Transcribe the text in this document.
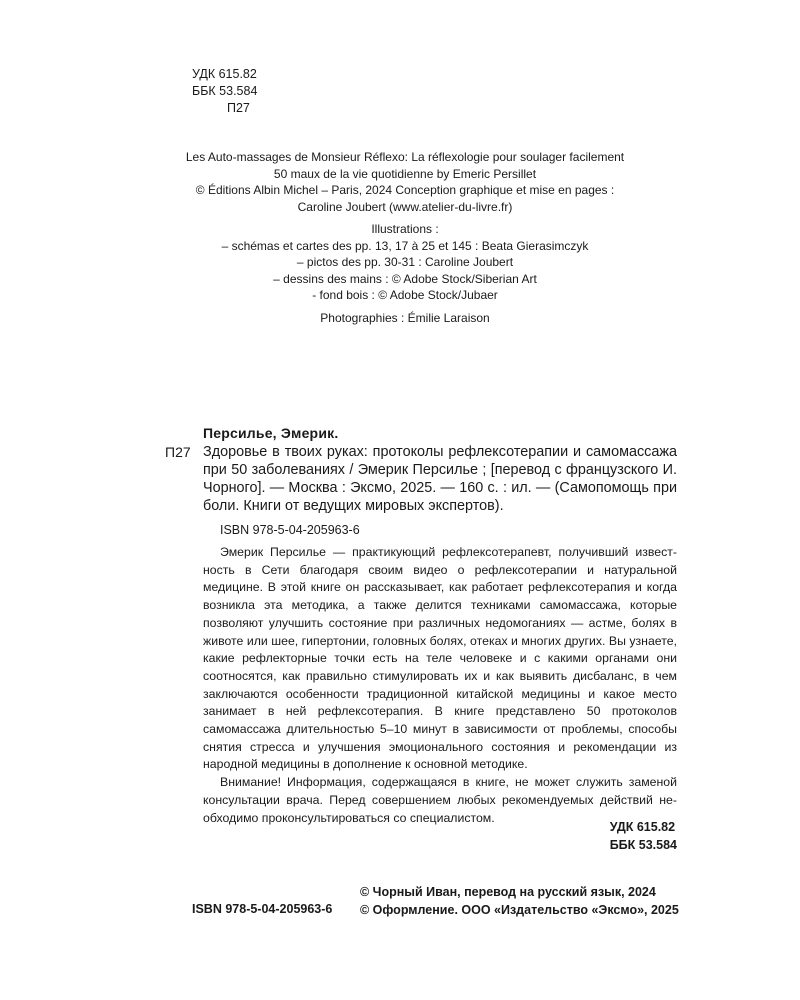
УДК 615.82
ББК 53.584
П27
Les Auto-massages de Monsieur Réflexo: La réflexologie pour soulager facilement
50 maux de la vie quotidienne by Emeric Persillet
© Éditions Albin Michel – Paris, 2024 Conception graphique et mise en pages :
Caroline Joubert (www.atelier-du-livre.fr)
Illustrations :
– schémas et cartes des pp. 13, 17 à 25 et 145 : Beata Gierasimczyk
– pictos des pp. 30-31 : Caroline Joubert
– dessins des mains : © Adobe Stock/Siberian Art
- fond bois : © Adobe Stock/Jubaer
Photographies : Émilie Laraison
Персилье, Эмерик.
П27 Здоровье в твоих руках: протоколы рефлексотерапии и самомассажа при 50 заболеваниях / Эмерик Персилье ; [перевод с французского И. Чорного]. — Москва : Эксмо, 2025. — 160 с. : ил. — (Самопомощь при боли. Книги от ведущих мировых экспертов).
ISBN 978-5-04-205963-6

Эмерик Персилье — практикующий рефлексотерапевт, получивший известность в Сети благодаря своим видео о рефлексотерапии и натуральной медицине. В этой книге он рассказывает, как работает рефлексотерапия и когда возникла эта методика, а также делится техниками самомассажа, которые позволяют улучшить состояние при различных недомоганиях — астме, болях в животе или шее, гипертонии, головных болях, отеках и многих других. Вы узнаете, какие рефлекторные точки есть на теле человеке и с какими органами они соотносятся, как правильно стимулировать их и как выявить дисбаланс, в чем заключаются особенности традиционной китайской медицины и какое место занимает в ней рефлексотерапия. В книге представлено 50 протоколов самомассажа длительностью 5–10 минут в зависимости от проблемы, способы снятия стресса и улучшения эмоционального состояния и рекомендации из народной медицины в дополнение к основной методике.

Внимание! Информация, содержащаяся в книге, не может служить заменой консультации врача. Перед совершением любых рекомендуемых действий необходимо проконсультироваться со специалистом.

УДК 615.82
ББК 53.584
© Чорный Иван, перевод на русский язык, 2024
© Оформление. ООО «Издательство «Эксмо», 2025
ISBN 978-5-04-205963-6
